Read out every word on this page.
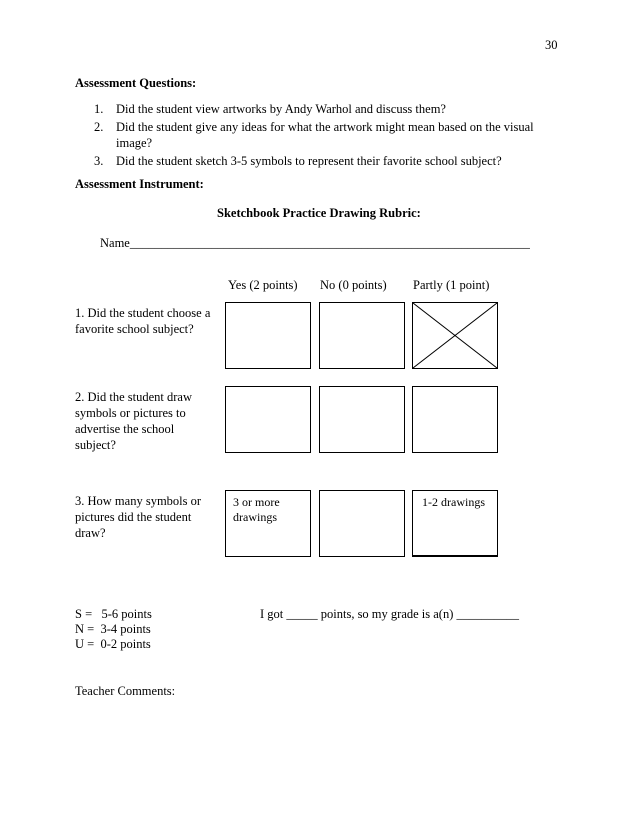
30
Assessment Questions:
1. Did the student view artworks by Andy Warhol and discuss them?
2. Did the student give any ideas for what the artwork might mean based on the visual image?
3. Did the student sketch 3-5 symbols to represent their favorite school subject?
Assessment Instrument:
Sketchbook Practice Drawing Rubric:
Name________________________________________________________________
Yes (2 points) No (0 points) Partly (1 point)
1. Did the student choose a favorite school subject?
2. Did the student draw symbols or pictures to advertise the school subject?
3. How many symbols or pictures did the student draw?
3 or more drawings
1-2 drawings
S =   5-6 points
N =  3-4 points
U =  0-2 points
I got _____ points, so my grade is a(n) __________
Teacher Comments:
